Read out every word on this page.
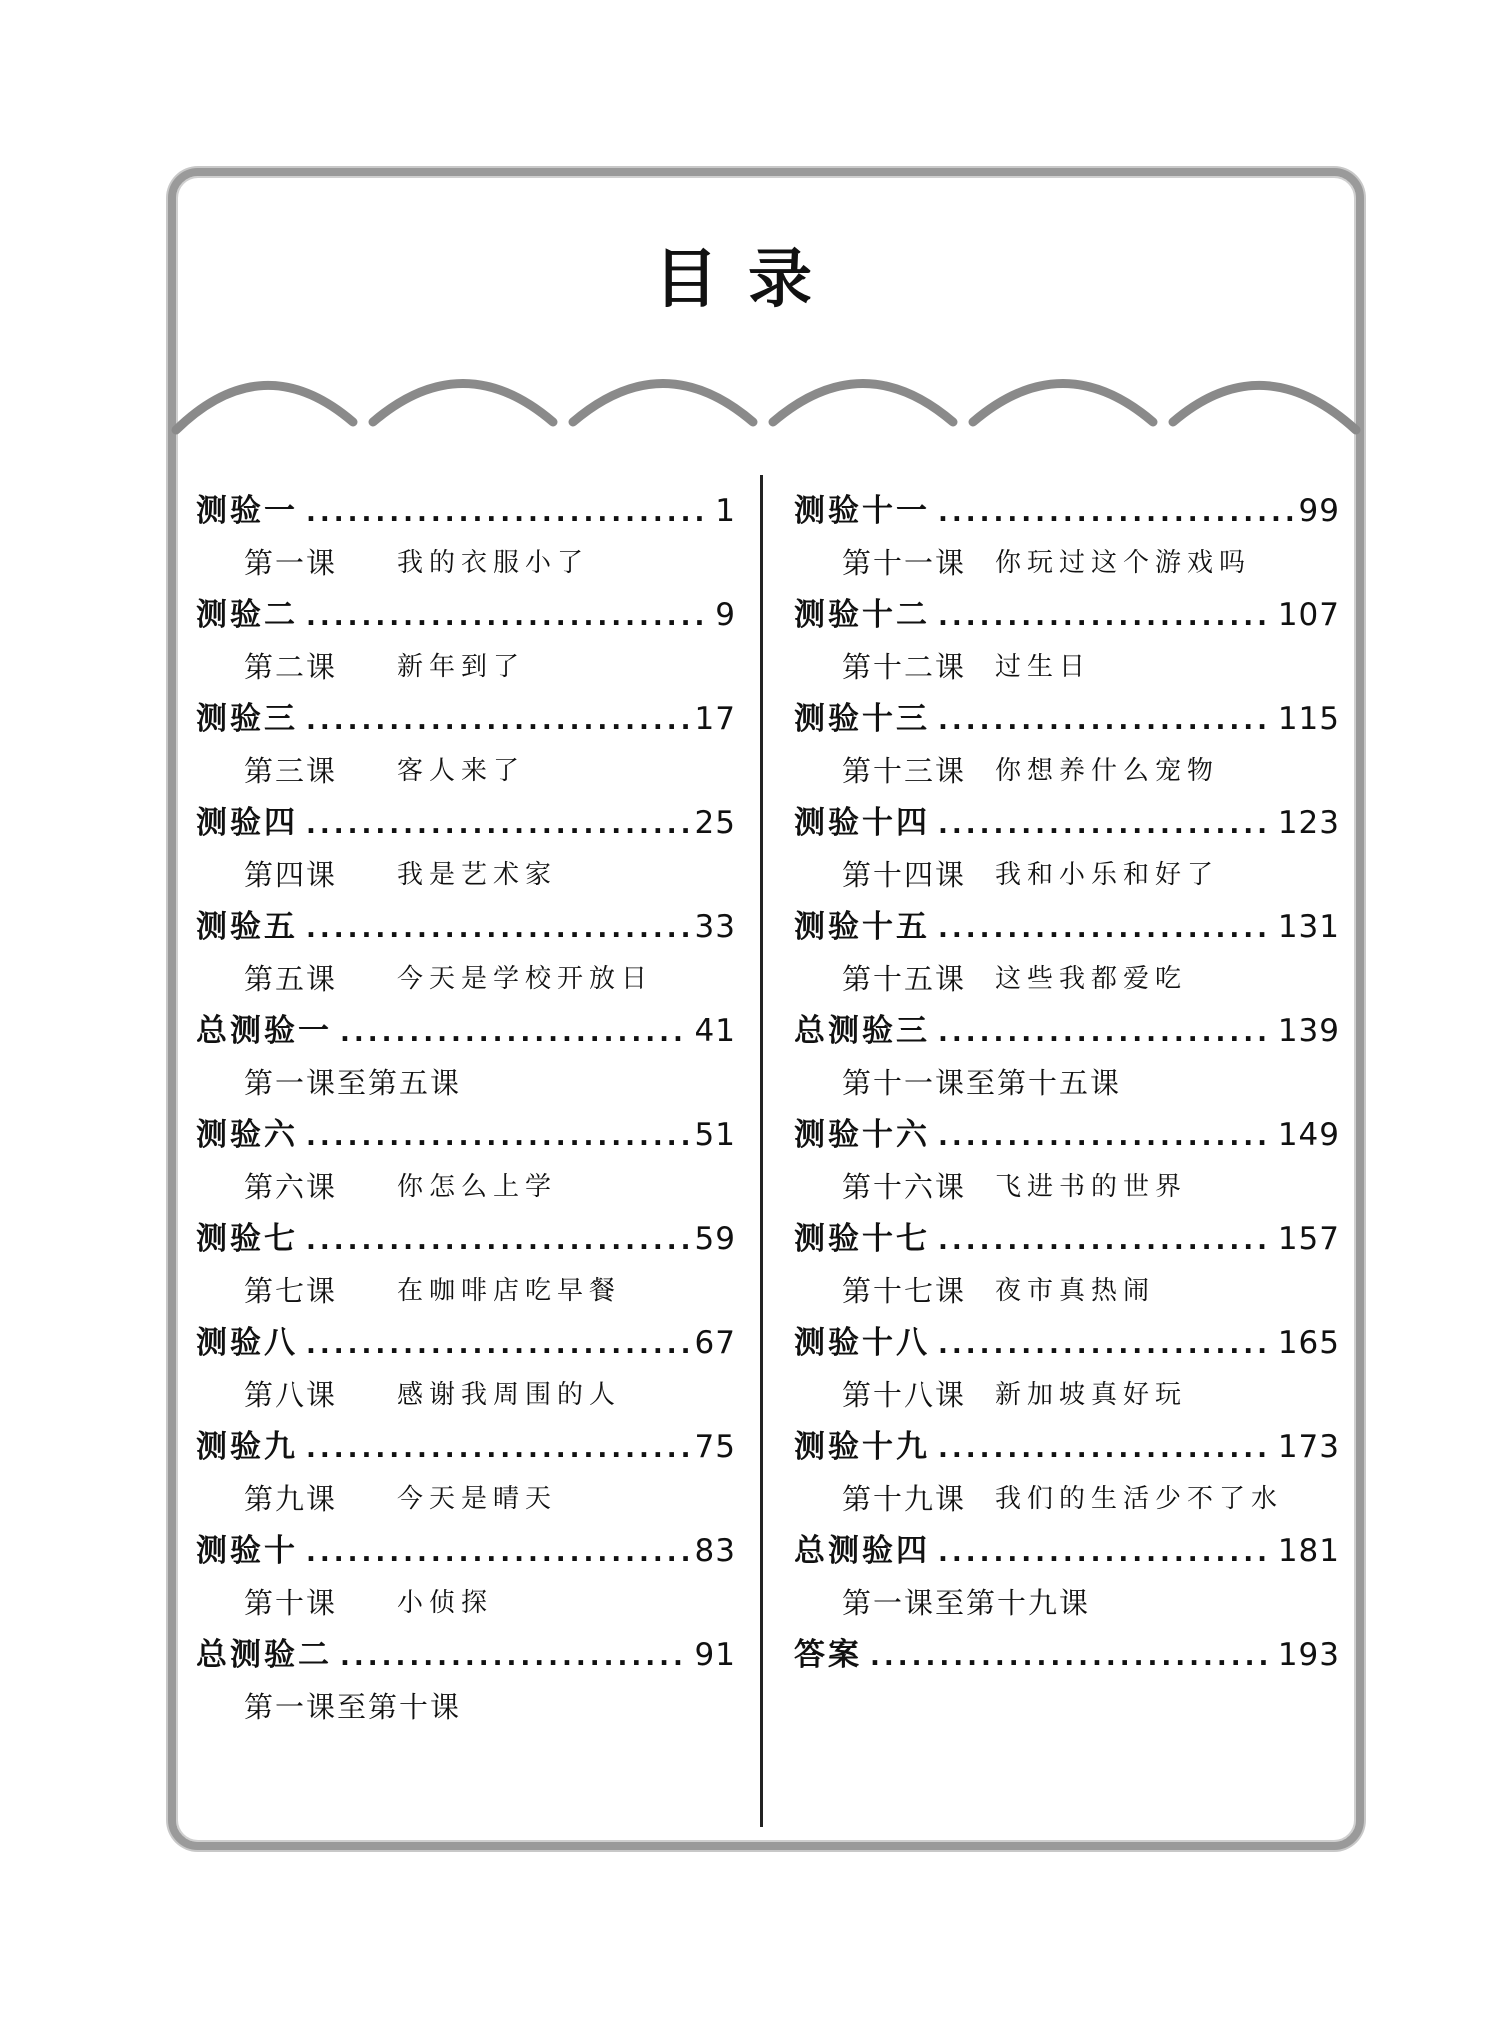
目录
测验一 .....	1
第一课	我的衣服小了
测验二 .....	9
第二课	新年到了
测验三 .....	17
第三课	客人来了
测验四 .....	25
第四课	我是艺术家
测验五 .....	33
第五课	今天是学校开放日
总测验一 .....	41
第一课至第五课
测验六 .....	51
第六课	你怎么上学
测验七 .....	59
第七课	在咖啡店吃早餐
测验八 .....	67
第八课	感谢我周围的人
测验九 .....	75
第九课	今天是晴天
测验十 .....	83
第十课	小侦探
总测验二 .....	91
第一课至第十课
测验十一 .....	99
第十一课	你玩过这个游戏吗
测验十二 .....	107
第十二课	过生日
测验十三 .....	115
第十三课	你想养什么宠物
测验十四 .....	123
第十四课	我和小乐和好了
测验十五 .....	131
第十五课	这些我都爱吃
总测验三 .....	139
第十一课至第十五课
测验十六 .....	149
第十六课	飞进书的世界
测验十七 .....	157
第十七课	夜市真热闹
测验十八 .....	165
第十八课	新加坡真好玩
测验十九 .....	173
第十九课	我们的生活少不了水
总测验四 .....	181
第一课至第十九课
答案 .....	193
